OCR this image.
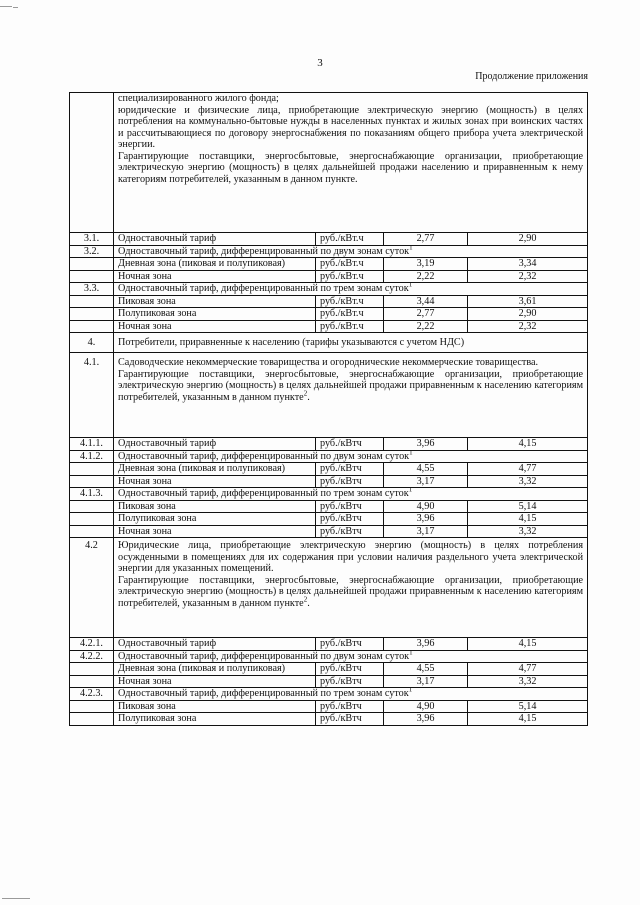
3
Продолжение приложения

	специализированного жилого фонда;

юридические и физические лица, приобретающие электрическую энергию (мощность) в целях потребления на коммунально-бытовые нужды в населенных пунктах и жилых зонах при воинских частях и рассчитывающиеся по договору энергоснабжения по показаниям общего прибора учета электрической энергии.

Гарантирующие поставщики, энергосбытовые, энергоснабжающие организации, приобретающие электрическую энергию (мощность) в целях дальнейшей продажи населению и приравненным к нему категориям потребителей, указанным в данном пункте.			

3.1.	Одноставочный тариф	руб./кВт.ч	2,77	2,90
3.2.	Одноставочный тариф, дифференцированный по двум зонам суток$^1$
	Дневная зона (пиковая и полупиковая)	руб./кВт.ч	3,19	3,34
	Ночная зона	руб./кВт.ч	2,22	2,32
3.3.	Одноставочный тариф, дифференцированный по трем зонам суток$^1$
	Пиковая зона	руб./кВт.ч	3,44	3,61
	Полупиковая зона	руб./кВт.ч	2,77	2,90
	Ночная зона	руб./кВт.ч	2,22	2,32
4.	Потребители, приравненные к населению (тарифы указываются с учетом НДС)			
4.1.	Садоводческие некоммерческие товарищества и огороднические некоммерческие товарищества.

Гарантирующие поставщики, энергосбытовые, энергоснабжающие организации, приобретающие электрическую энергию (мощность) в целях дальнейшей продажи приравненным к населению категориям потребителей, указанным в данном пункте$^2$.			

4.1.1.	Одноставочный тариф	руб./кВтч	3,96	4,15
4.1.2.	Одноставочный тариф, дифференцированный по двум зонам суток$^1$
	Дневная зона (пиковая и полупиковая)	руб./кВтч	4,55	4,77
	Ночная зона	руб./кВтч	3,17	3,32
4.1.3.	Одноставочный тариф, дифференцированный по трем зонам суток$^1$
	Пиковая зона	руб./кВтч	4,90	5,14
	Полупиковая зона	руб./кВтч	3,96	4,15
	Ночная зона	руб./кВтч	3,17	3,32
4.2	Юридические лица, приобретающие электрическую энергию (мощность) в целях потребления осужденными в помещениях для их содержания при условии наличия раздельного учета электрической энергии для указанных помещений.

Гарантирующие поставщики, энергосбытовые, энергоснабжающие организации, приобретающие электрическую энергию (мощность) в целях дальнейшей продажи приравненным к населению категориям потребителей, указанным в данном пункте$^2$.			

4.2.1.	Одноставочный тариф	руб./кВтч	3,96	4,15
4.2.2.	Одноставочный тариф, дифференцированный по двум зонам суток$^1$
	Дневная зона (пиковая и полупиковая)	руб./кВтч	4,55	4,77
	Ночная зона	руб./кВтч	3,17	3,32
4.2.3.	Одноставочный тариф, дифференцированный по трем зонам суток$^1$
	Пиковая зона	руб./кВтч	4,90	5,14
	Полупиковая зона	руб./кВтч	3,96	4,15
